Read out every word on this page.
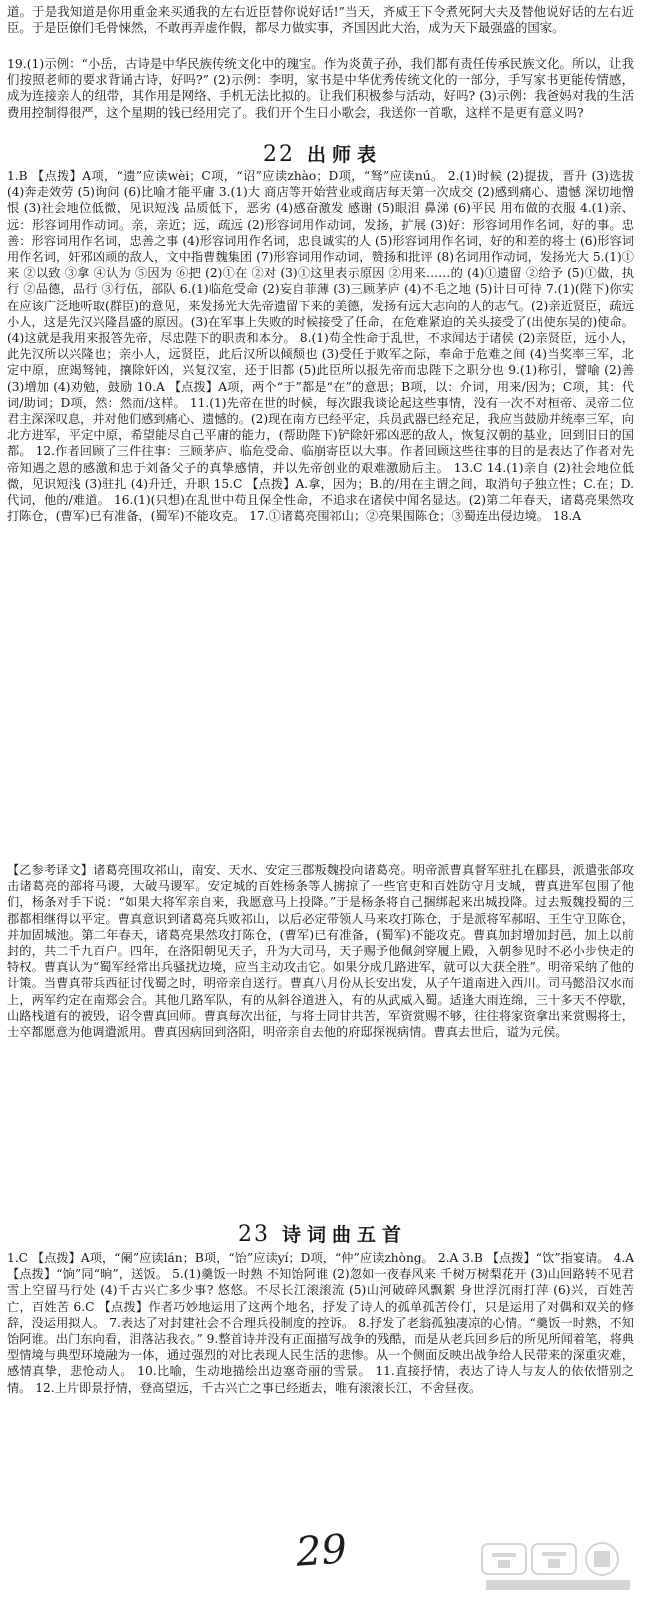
道。于是我知道是你用重金来买通我的左右近臣替你说好话!”当天，齐威王下令煮死阿大夫及替他说好话的左右近臣。于是臣僚们毛骨悚然，不敢再弄虚作假，都尽力做实事，齐国因此大治，成为天下最强盛的国家。
19.(1)示例：“小岳，古诗是中华民族传统文化中的瑰宝。作为炎黄子孙，我们都有责任传承民族文化。所以，让我们按照老师的要求背诵古诗，好吗?” (2)示例：李明，家书是中华优秀传统文化的一部分，手写家书更能传情感，成为连接亲人的纽带，其作用是网络、手机无法比拟的。让我们积极参与活动，好吗? (3)示例：我爸妈对我的生活费用控制得很严，这个星期的钱已经用完了。我们开个生日小歌会，我送你一首歌，这样不是更有意义吗?
22 出师表
1.B 【点拨】A项，“遗”应读wèi；C项，“诏”应读zhào；D项，“驽”应读nú。 2.(1)时候 (2)提拔，晋升 (3)选拔 (4)奔走效劳 (5)询问 (6)比喻才能平庸 3.(1)大 商店等开始营业或商店每天第一次成交 (2)感到痛心、遗憾 深切地憎恨 (3)社会地位低微，见识短浅 品质低下，恶劣 (4)感奋激发 感谢 (5)眼泪 鼻涕 (6)平民 用布做的衣服 4.(1)亲、远：形容词用作动词。亲，亲近；远，疏远 (2)形容词用作动词，发扬，扩展 (3)好：形容词用作名词，好的事。忠善：形容词用作名词，忠善之事 (4)形容词用作名词，忠良诚实的人 (5)形容词用作名词，好的和差的将士 (6)形容词用作名词，奸邪凶顽的敌人，文中指曹魏集团 (7)形容词用作动词，赞扬和批评 (8)名词用作动词，发扬光大 5.(1)①来 ②以致 ③拿 ④认为 ⑤因为 ⑥把 (2)①在 ②对 (3)①这里表示原因 ②用来……的 (4)①遗留 ②给予 (5)①做，执行 ②品德，品行 ③行伍，部队 6.(1)临危受命 (2)妄自菲薄 (3)三顾茅庐 (4)不毛之地 (5)计日可待 7.(1)(陛下)你实在应该广泛地听取(群臣)的意见，来发扬光大先帝遗留下来的美德，发扬有远大志向的人的志气。(2)亲近贤臣，疏远小人，这是先汉兴隆昌盛的原因。(3)在军事上失败的时候接受了任命，在危难紧迫的关头接受了(出使东吴的)使命。(4)这就是我用来报答先帝，尽忠陛下的职责和本分。 8.(1)苟全性命于乱世，不求闻达于诸侯 (2)亲贤臣，远小人，此先汉所以兴隆也；亲小人，远贤臣，此后汉所以倾颓也 (3)受任于败军之际，奉命于危难之间 (4)当奖率三军，北定中原，庶竭驽钝，攘除奸凶，兴复汉室，还于旧都 (5)此臣所以报先帝而忠陛下之职分也 9.(1)称引，譬喻 (2)善 (3)增加 (4)劝勉，鼓励 10.A 【点拨】A项，两个“于”都是“在”的意思；B项，以：介词，用来/因为；C项，其：代词/助词；D项，然：然而/这样。 11.(1)先帝在世的时候，每次跟我谈论起这些事情，没有一次不对桓帝、灵帝二位君主深深叹息，并对他们感到痛心、遗憾的。(2)现在南方已经平定，兵员武器已经充足，我应当鼓励并统率三军，向北方进军，平定中原，希望能尽自己平庸的能力，(帮助陛下)铲除奸邪凶恶的敌人，恢复汉朝的基业，回到旧日的国都。 12.作者回顾了三件往事：三顾茅庐、临危受命、临崩寄臣以大事。作者回顾这些往事的目的是表达了作者对先帝知遇之恩的感激和忠于刘备父子的真挚感情，并以先帝创业的艰难激励后主。 13.C 14.(1)亲自 (2)社会地位低微，见识短浅 (3)驻扎 (4)升迁，升职 15.C 【点拨】A.拿，因为；B.的/用在主谓之间，取消句子独立性；C.在；D.代词，他的/难道。 16.(1)(只想)在乱世中苟且保全性命，不追求在诸侯中闻名显达。(2)第二年春天，诸葛亮果然攻打陈仓，(曹军)已有准备，(蜀军)不能攻克。 17.①诸葛亮围祁山；②亮果围陈仓；③蜀连出侵边境。 18.A
【乙参考译文】诸葛亮围攻祁山，南安、天水、安定三郡叛魏投向诸葛亮。明帝派曹真督军驻扎在郿县，派遣张郃攻击诸葛亮的部将马谡，大破马谡军。安定城的百姓杨条等人掳掠了一些官吏和百姓防守月支城，曹真进军包围了他们，杨条对手下说：“如果大将军亲自来，我愿意马上投降。”于是杨条将自己捆绑起来出城投降。过去叛魏投蜀的三郡都相继得以平定。曹真意识到诸葛亮兵败祁山，以后必定带领人马来攻打陈仓，于是派将军郝昭、王生守卫陈仓，并加固城池。第二年春天，诸葛亮果然攻打陈仓，(曹军)已有准备，(蜀军)不能攻克。曹真加封增加封邑，加上以前封的，共二千九百户。四年，在洛阳朝见天子，升为大司马，天子赐予他佩剑穿履上殿，入朝参见时不必小步快走的特权。曹真认为“蜀军经常出兵骚扰边境，应当主动攻击它。如果分成几路进军，就可以大获全胜”。明帝采纳了他的计策。当曹真带兵西征讨伐蜀之时，明帝亲自送行。曹真八月份从长安出发，从子午道南进入西川。司马懿沿汉水而上，两军约定在南郑会合。其他几路军队，有的从斜谷道进入，有的从武威入蜀。适逢大雨连绵，三十多天不停歇，山路栈道有的被毁，诏令曹真回师。曹真每次出征，与将士同甘共苦，军资赏赐不够，往往将家资拿出来赏赐将士，士卒都愿意为他调遣派用。曹真因病回到洛阳，明帝亲自去他的府邸探视病情。曹真去世后，谥为元侯。
23 诗词曲五首
1.C 【点拨】A项，“阑”应读lán；B项，“饴”应读yí；D项，“仲”应读zhòng。 2.A 3.B 【点拨】“饮”指宴请。 4.A 【点拨】“饷”同“晌”，送饭。 5.(1)羹饭一时熟 不知饴阿谁 (2)忽如一夜春风来 千树万树梨花开 (3)山回路转不见君 雪上空留马行处 (4)千古兴亡多少事? 悠悠。不尽长江滚滚流 (5)山河破碎风飘絮 身世浮沉雨打萍 (6)兴，百姓苦 亡，百姓苦 6.C 【点拨】作者巧妙地运用了这两个地名，抒发了诗人的孤单孤苦伶仃，只是运用了对偶和双关的修辞，没运用拟人。 7.表达了对封建社会不合理兵役制度的控诉。 8.抒发了老翁孤独凄凉的心情。“羹饭一时熟，不知饴阿谁。出门东向看，泪落沾我衣。” 9.整首诗并没有正面描写战争的残酷，而是从老兵回乡后的所见所闻着笔，将典型情境与典型环境融为一体，通过强烈的对比表现人民生活的悲惨。从一个侧面反映出战争给人民带来的深重灾难，感情真挚，悲怆动人。 10.比喻，生动地描绘出边塞奇丽的雪景。 11.直接抒情，表达了诗人与友人的依依惜别之情。 12.上片即景抒情，登高望远，千古兴亡之事已经逝去，唯有滚滚长江，不舍昼夜。
29
